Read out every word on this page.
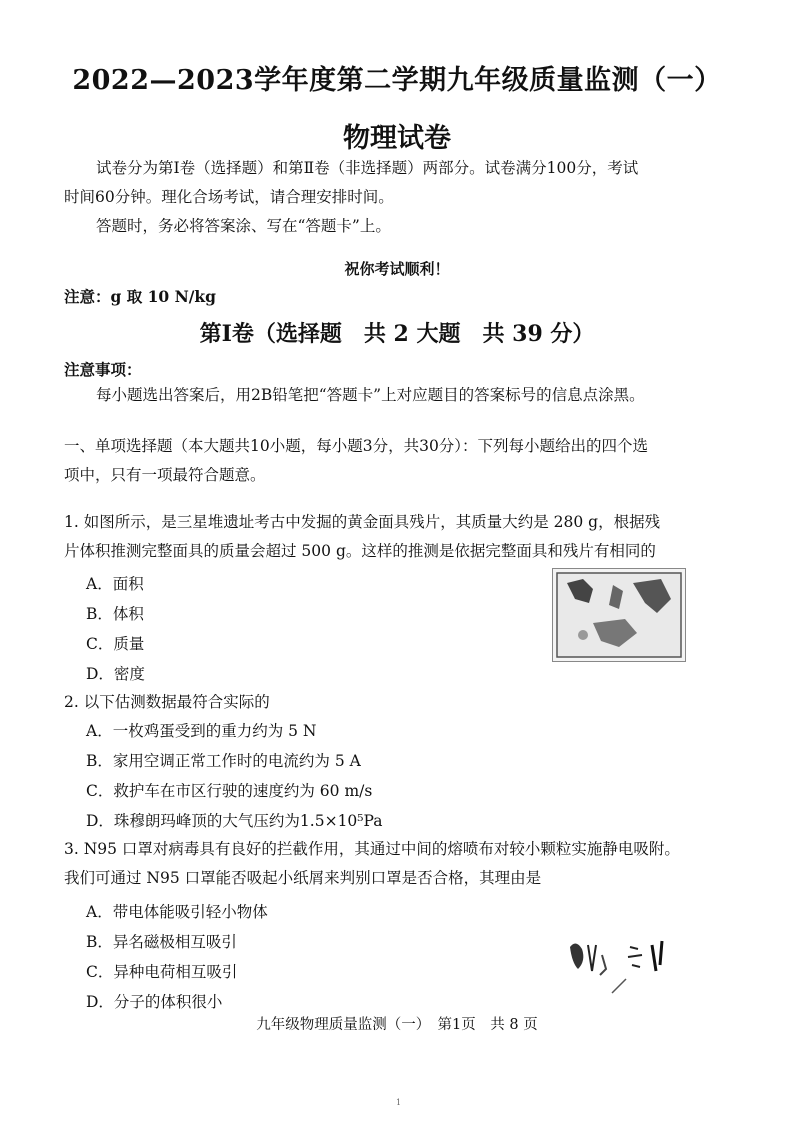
2022—2023学年度第二学期九年级质量监测（一）
物理试卷

试卷分为第Ⅰ卷（选择题）和第Ⅱ卷（非选择题）两部分。试卷满分100分，考试

时间60分钟。理化合场考试，请合理安排时间。

答题时，务必将答案涂、写在“答题卡”上。

祝你考试顺利！
注意：g 取 10 N/kg
第Ⅰ卷（选择题　共 2 大题　共 39 分）
注意事项：
每小题选出答案后，用2B铅笔把“答题卡”上对应题目的答案标号的信息点涂黑。

一、单项选择题（本大题共10小题，每小题3分，共30分）：下列每小题给出的四个选

项中，只有一项最符合题意。

1. 如图所示，是三星堆遗址考古中发掘的黄金面具残片，其质量大约是 280 g，根据残

片体积推测完整面具的质量会超过 500 g。这样的推测是依据完整面具和残片有相同的

A．面积
B．体积
C．质量
D．密度

2. 以下估测数据最符合实际的

A．一枚鸡蛋受到的重力约为 5 N
B．家用空调正常工作时的电流约为 5 A
C．救护车在市区行驶的速度约为 60 m/s
D．珠穆朗玛峰顶的大气压约为1.5×10⁵Pa

3. N95 口罩对病毒具有良好的拦截作用，其通过中间的熔喷布对较小颗粒实施静电吸附。

我们可通过 N95 口罩能否吸起小纸屑来判别口罩是否合格，其理由是

A．带电体能吸引轻小物体
B．异名磁极相互吸引
C．异种电荷相互吸引
D．分子的体积很小
九年级物理质量监测（一）　第1页　共 8 页
1
